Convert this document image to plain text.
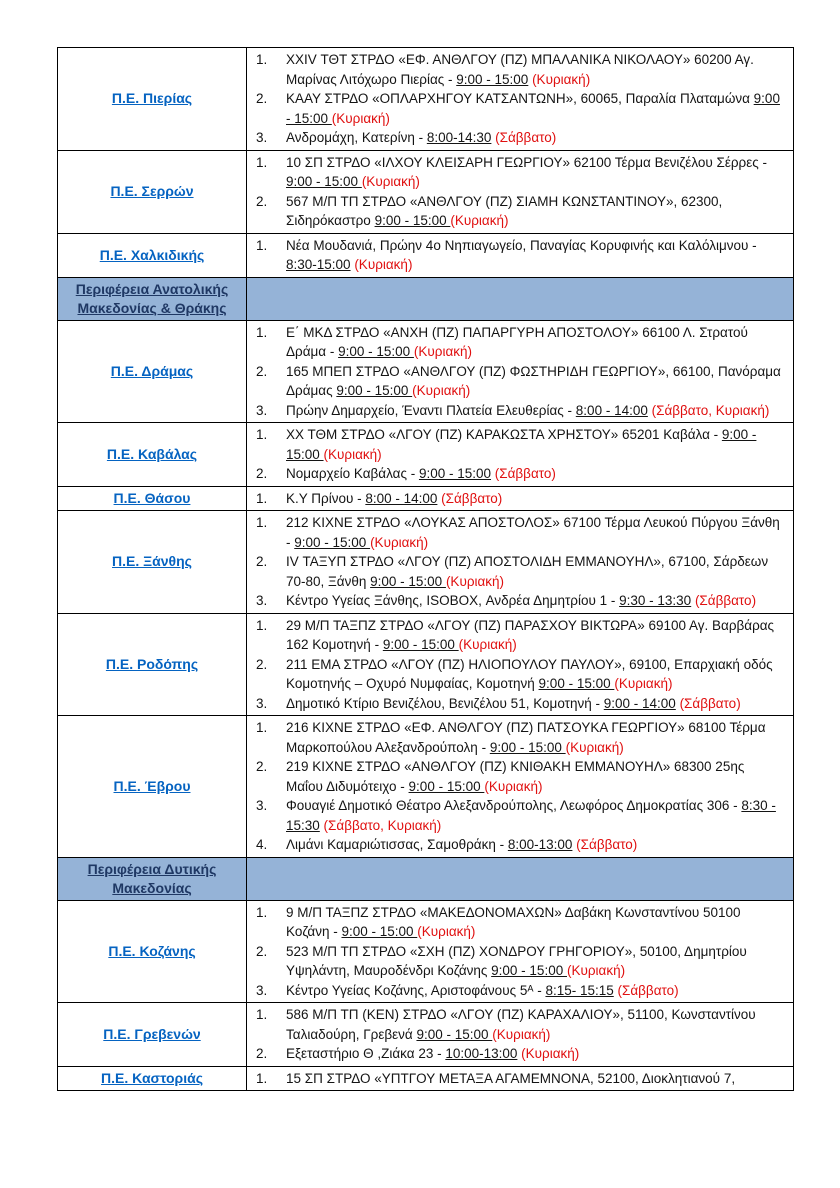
Π.Ε. Πιερίας	
1.	XXIV ΤΘΤ ΣΤΡΔΟ «ΕΦ. ΑΝΘΛΓΟΥ (ΠΖ) ΜΠΑΛΑΝΙΚΑ ΝΙΚΟΛΑΟΥ» 60200 Αγ. Μαρίνας Λιτόχωρο Πιερίας - 9:00 - 15:00 (Κυριακή)
2.	ΚΑΑΥ ΣΤΡΔΟ «ΟΠΛΑΡΧΗΓΟΥ ΚΑΤΣΑΝΤΩΝΗ», 60065, Παραλία Πλαταμώνα 9:00 - 15:00 (Κυριακή)
3.	Ανδρομάχη, Κατερίνη - 8:00-14:30 (Σάββατο)

Π.Ε. Σερρών	1. 10 ΣΠ ΣΤΡΔΟ «ΙΛΧΟΥ ΚΛΕΙΣΑΡΗ ΓΕΩΡΓΙΟΥ» 62100 Τέρμα Βενιζέλου Σέρρες - 9:00 - 15:00 (Κυριακή)
2. 567 Μ/Π ΤΠ ΣΤΡΔΟ «ΑΝΘΛΓΟΥ (ΠΖ) ΣΙΑΜΗ ΚΩΝΣΤΑΝΤΙΝΟΥ», 62300, Σιδηρόκαστρο 9:00 - 15:00 (Κυριακή)

Π.Ε. Χαλκιδικής	1. Νέα Μουδανιά, Πρώην 4ο Νηπιαγωγείο, Παναγίας Κορυφινής και Καλόλιμνου - 8:30-15:00 (Κυριακή)

Περιφέρεια Ανατολικής
Μακεδονίας & Θράκης	
Π.Ε. Δράμας	
1.	Ε΄ ΜΚΔ ΣΤΡΔΟ «ΑΝΧΗ (ΠΖ) ΠΑΠΑΡΓΥΡΗ ΑΠΟΣΤΟΛΟΥ» 66100 Λ. Στρατού Δράμα - 9:00 - 15:00 (Κυριακή)
2.	165 ΜΠΕΠ ΣΤΡΔΟ «ΑΝΘΛΓΟΥ (ΠΖ) ΦΩΣΤΗΡΙΔΗ ΓΕΩΡΓΙΟΥ», 66100, Πανόραμα Δράμας 9:00 - 15:00 (Κυριακή)
3.	Πρώην Δημαρχείο, Έναντι Πλατεία Ελευθερίας - 8:00 - 14:00 (Σάββατο, Κυριακή)

Π.Ε. Καβάλας	1. ΧΧ ΤΘΜ ΣΤΡΔΟ «ΛΓΟΥ (ΠΖ) ΚΑΡΑΚΩΣΤΑ ΧΡΗΣΤΟΥ» 65201 Καβάλα - 9:00 - 15:00 (Κυριακή)
2. Νομαρχείο Καβάλας - 9:00 - 15:00 (Σάββατο)

Π.Ε. Θάσου	1. Κ.Υ Πρίνου - 8:00 - 14:00 (Σάββατο)

Π.Ε. Ξάνθης	
1.	212 ΚΙΧΝΕ ΣΤΡΔΟ «ΛΟΥΚΑΣ ΑΠΟΣΤΟΛΟΣ» 67100 Τέρμα Λευκού Πύργου Ξάνθη - 9:00 - 15:00 (Κυριακή)
2.	IV ΤΑΞΥΠ ΣΤΡΔΟ «ΛΓΟΥ (ΠΖ) ΑΠΟΣΤΟΛΙΔΗ ΕΜΜΑΝΟΥΗΛ», 67100, Σάρδεων 70-80, Ξάνθη 9:00 - 15:00 (Κυριακή)
3.	Κέντρο Υγείας Ξάνθης, ISOBOX, Ανδρέα Δημητρίου 1 - 9:30 - 13:30 (Σάββατο)

Π.Ε. Ροδόπης	
1.	29 Μ/Π ΤΑΞΠΖ ΣΤΡΔΟ «ΛΓΟΥ (ΠΖ) ΠΑΡΑΣΧΟΥ ΒΙΚΤΩΡΑ» 69100 Αγ. Βαρβάρας 162 Κομοτηνή - 9:00 - 15:00 (Κυριακή)
2.	211 ΕΜΑ ΣΤΡΔΟ «ΛΓΟΥ (ΠΖ) ΗΛΙΟΠΟΥΛΟΥ ΠΑΥΛΟΥ», 69100, Επαρχιακή οδός Κομοτηνής – Οχυρό Νυμφαίας, Κομοτηνή 9:00 - 15:00 (Κυριακή)
3.	Δημοτικό Κτίριο Βενιζέλου, Βενιζέλου 51, Κομοτηνή - 9:00 - 14:00 (Σάββατο)

Π.Ε. Έβρου	
1.	216 ΚΙΧΝΕ ΣΤΡΔΟ «ΕΦ. ΑΝΘΛΓΟΥ (ΠΖ) ΠΑΤΣΟΥΚΑ ΓΕΩΡΓΙΟΥ» 68100 Τέρμα Μαρκοπούλου Αλεξανδρούπολη - 9:00 - 15:00 (Κυριακή)
2.	219 ΚΙΧΝΕ ΣΤΡΔΟ «ΑΝΘΛΓΟΥ (ΠΖ) ΚΝΙΘΑΚΗ ΕΜΜΑΝΟΥΗΛ» 68300 25ης Μαΐου Διδυμότειχο - 9:00 - 15:00 (Κυριακή)
3.	Φουαγιέ Δημοτικό Θέατρο Αλεξανδρούπολης, Λεωφόρος Δημοκρατίας 306 - 8:30 - 15:30 (Σάββατο, Κυριακή)
4.	Λιμάνι Καμαριώτισσας, Σαμοθράκη - 8:00-13:00 (Σάββατο)

Περιφέρεια Δυτικής
Μακεδονίας	
Π.Ε. Κοζάνης	
1.	9 Μ/Π ΤΑΞΠΖ ΣΤΡΔΟ «ΜΑΚΕΔΟΝΟΜΑΧΩΝ» Δαβάκη Κωνσταντίνου 50100 Κοζάνη - 9:00 - 15:00 (Κυριακή)
2.	523 Μ/Π ΤΠ ΣΤΡΔΟ «ΣΧΗ (ΠΖ) ΧΟΝΔΡΟΥ ΓΡΗΓΟΡΙΟΥ», 50100, Δημητρίου Υψηλάντη, Μαυροδένδρι Κοζάνης 9:00 - 15:00 (Κυριακή)
3.	Κέντρο Υγείας Κοζάνης, Αριστοφάνους 5ᴬ - 8:15- 15:15 (Σάββατο)

Π.Ε. Γρεβενών	1. 586 Μ/Π ΤΠ (ΚΕΝ) ΣΤΡΔΟ «ΛΓΟΥ (ΠΖ) ΚΑΡΑΧΑΛΙΟΥ», 51100, Κωνσταντίνου Ταλιαδούρη, Γρεβενά 9:00 - 15:00 (Κυριακή)
2. Εξεταστήριο Θ ,Ζιάκα 23 - 10:00-13:00 (Κυριακή)

Π.Ε. Καστοριάς	1. 15 ΣΠ ΣΤΡΔΟ «ΥΠΤΓΟΥ ΜΕΤΑΞΑ ΑΓΑΜΕΜΝΟΝΑ, 52100, Διοκλητιανού 7,
